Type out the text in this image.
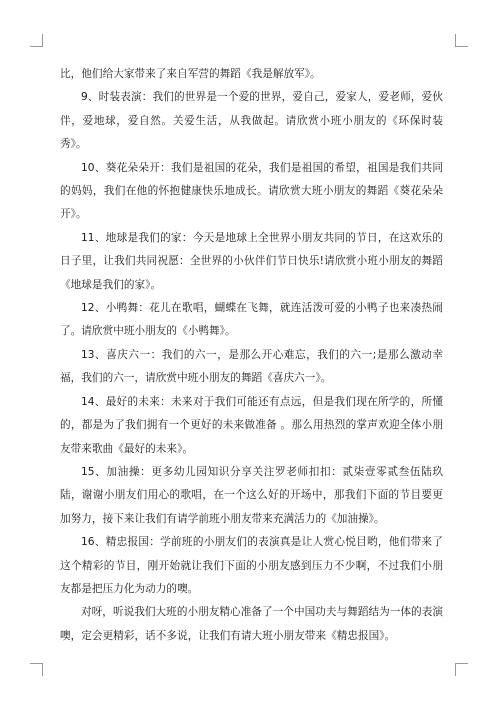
比，他们给大家带来了来自军营的舞蹈《我是解放军》。

9、时装表演：我们的世界是一个爱的世界，爱自己，爱家人，爱老师，爱伙伴，爱地球，爱自然。关爱生活，从我做起。请欣赏小班小朋友的《环保时装秀》。

10、葵花朵朵开：我们是祖国的花朵，我们是祖国的希望，祖国是我们共同的妈妈，我们在他的怀抱健康快乐地成长。请欣赏大班小朋友的舞蹈《葵花朵朵开》。

11、地球是我们的家：今天是地球上全世界小朋友共同的节日，在这欢乐的日子里，让我们共同祝愿：全世界的小伙伴们节日快乐!请欣赏小班小朋友的舞蹈《地球是我们的家》。

12、小鸭舞：花儿在歌唱，蝴蝶在飞舞，就连活泼可爱的小鸭子也来凑热闹了。请欣赏中班小朋友的《小鸭舞》。

13、喜庆六一：我们的六一，是那么开心难忘，我们的六一;是那么激动幸福，我们的六一，请欣赏中班小朋友的舞蹈《喜庆六一》。

14、最好的未来：未来对于我们可能还有点远，但是我们现在所学的，所懂的，都是为了我们拥有一个更好的未来做准备 。那么用热烈的掌声欢迎全体小朋友带来歌曲《最好的未来》。

15、加油操：更多幼儿园知识分享关注罗老师扣扣：贰柒壹零贰叁伍陆玖陆，谢谢小朋友们用心的歌唱，在一个这么好的开场中，那我们下面的节目要更加努力，接下来让我们有请学前班小朋友带来充满活力的《加油操》。

16、精忠报国：学前班的小朋友们的表演真是让人赏心悦目哟，他们带来了这个精彩的节目，刚开始就让我们下面的小朋友感到压力不少啊，不过我们小朋友都是把压力化为动力的噢。

对呀，听说我们大班的小朋友精心准备了一个中国功夫与舞蹈结为一体的表演噢，定会更精彩，话不多说，让我们有请大班小朋友带来《精忠报国》。
